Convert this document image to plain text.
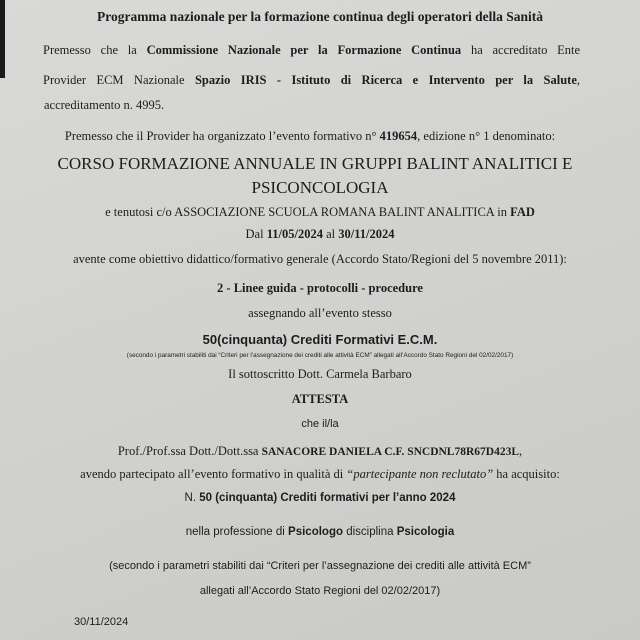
Programma nazionale per la formazione continua degli operatori della Sanità
Premesso che la Commissione Nazionale per la Formazione Continua ha accreditato Ente
Provider ECM Nazionale Spazio IRIS - Istituto di Ricerca e Intervento per la Salute,
accreditamento n. 4995.
Premesso che il Provider ha organizzato l’evento formativo n° 419654, edizione n° 1 denominato:
CORSO FORMAZIONE ANNUALE IN GRUPPI BALINT ANALITICI E
PSICONCOLOGIA
e tenutosi c/o ASSOCIAZIONE SCUOLA ROMANA BALINT ANALITICA in FAD
Dal 11/05/2024 al 30/11/2024
avente come obiettivo didattico/formativo generale (Accordo Stato/Regioni del 5 novembre 2011):
2 - Linee guida - protocolli - procedure
assegnando all’evento stesso
50(cinquanta) Crediti Formativi E.C.M.
(secondo i parametri stabiliti dai “Criteri per l’assegnazione dei crediti alle attività ECM” allegati all’Accordo Stato Regioni del 02/02/2017)
Il sottoscritto Dott. Carmela Barbaro
ATTESTA
che il/la
Prof./Prof.ssa Dott./Dott.ssa SANACORE DANIELA C.F. SNCDNL78R67D423L,
avendo partecipato all’evento formativo in qualità di “partecipante non reclutato” ha acquisito:
N. 50 (cinquanta) Crediti formativi per l’anno 2024
nella professione di Psicologo disciplina Psicologia
(secondo i parametri stabiliti dai “Criteri per l’assegnazione dei crediti alle attività ECM”
allegati all’Accordo Stato Regioni del 02/02/2017)
30/11/2024
